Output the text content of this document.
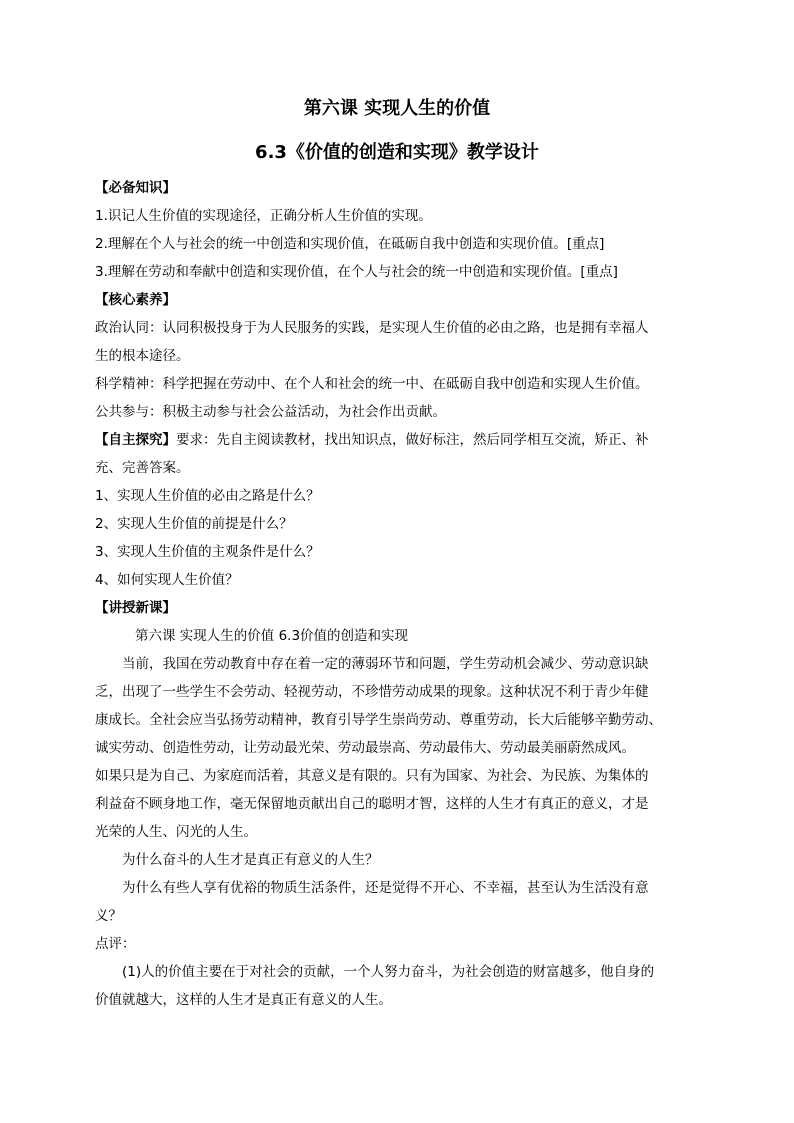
第六课 实现人生的价值
6.3《价值的创造和实现》教学设计
【必备知识】
1.识记人生价值的实现途径，正确分析人生价值的实现。
2.理解在个人与社会的统一中创造和实现价值，在砥砺自我中创造和实现价值。[重点]
3.理解在劳动和奉献中创造和实现价值，在个人与社会的统一中创造和实现价值。[重点]
【核心素养】
政治认同：认同积极投身于为人民服务的实践，是实现人生价值的必由之路，也是拥有幸福人
生的根本途径。
科学精神：科学把握在劳动中、在个人和社会的统一中、在砥砺自我中创造和实现人生价值。
公共参与：积极主动参与社会公益活动，为社会作出贡献。
【自主探究】要求：先自主阅读教材，找出知识点，做好标注，然后同学相互交流，矫正、补
充、完善答案。
1、实现人生价值的必由之路是什么？
2、实现人生价值的前提是什么？
3、实现人生价值的主观条件是什么？
4、如何实现人生价值？
【讲授新课】
第六课 实现人生的价值 6.3价值的创造和实现
当前，我国在劳动教育中存在着一定的薄弱环节和问题，学生劳动机会减少、劳动意识缺
乏，出现了一些学生不会劳动、轻视劳动，不珍惜劳动成果的现象。这种状况不利于青少年健
康成长。全社会应当弘扬劳动精神，教育引导学生崇尚劳动、尊重劳动，长大后能够辛勤劳动、
诚实劳动、创造性劳动，让劳动最光荣、劳动最崇高、劳动最伟大、劳动最美丽蔚然成风。
如果只是为自己、为家庭而活着，其意义是有限的。只有为国家、为社会、为民族、为集体的
利益奋不顾身地工作，毫无保留地贡献出自己的聪明才智，这样的人生才有真正的意义，才是
光荣的人生、闪光的人生。
为什么奋斗的人生才是真正有意义的人生？
为什么有些人享有优裕的物质生活条件，还是觉得不开心、不幸福，甚至认为生活没有意
义？
点评：
(1)人的价值主要在于对社会的贡献，一个人努力奋斗，为社会创造的财富越多，他自身的
价值就越大，这样的人生才是真正有意义的人生。
